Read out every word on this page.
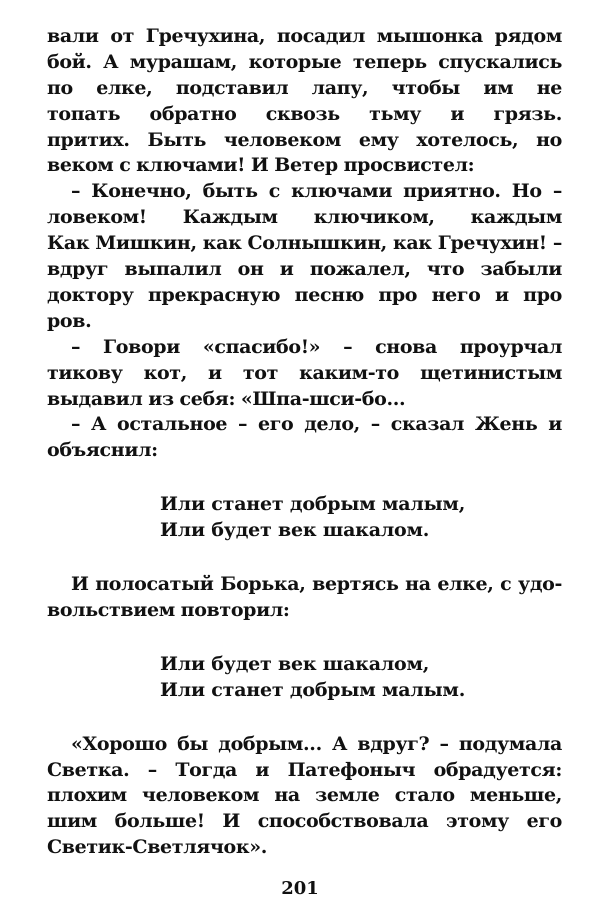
вали от Гречухина, посадил мышонка рядом
бой. А мурашам, которые теперь спускались
по елке, подставил лапу, чтобы им не
топать обратно сквозь тьму и грязь.
притих. Быть человеком ему хотелось, но
веком с ключами! И Ветер просвистел:
– Конечно, быть с ключами приятно. Но –
ловеком! Каждым ключиком, каждым
Как Мишкин, как Солнышкин, как Гречухин! –
вдруг выпалил он и пожалел, что забыли
доктору прекрасную песню про него и про
ров.
– Говори «спасибо!» – снова проурчал
тикову кот, и тот каким-то щетинистым
выдавил из себя: «Шпа-шси-бо...
– А остальное – его дело, – сказал Жень и
объяснил:
Или станет добрым малым,
Или будет век шакалом.
И полосатый Борька, вертясь на елке, с удо-
вольствием повторил:
Или будет век шакалом,
Или станет добрым малым.
«Хорошо бы добрым... А вдруг? – подумала
Светка. – Тогда и Патефоныч обрадуется:
плохим человеком на земле стало меньше,
шим больше! И способствовала этому его
Светик-Светлячок».
201
